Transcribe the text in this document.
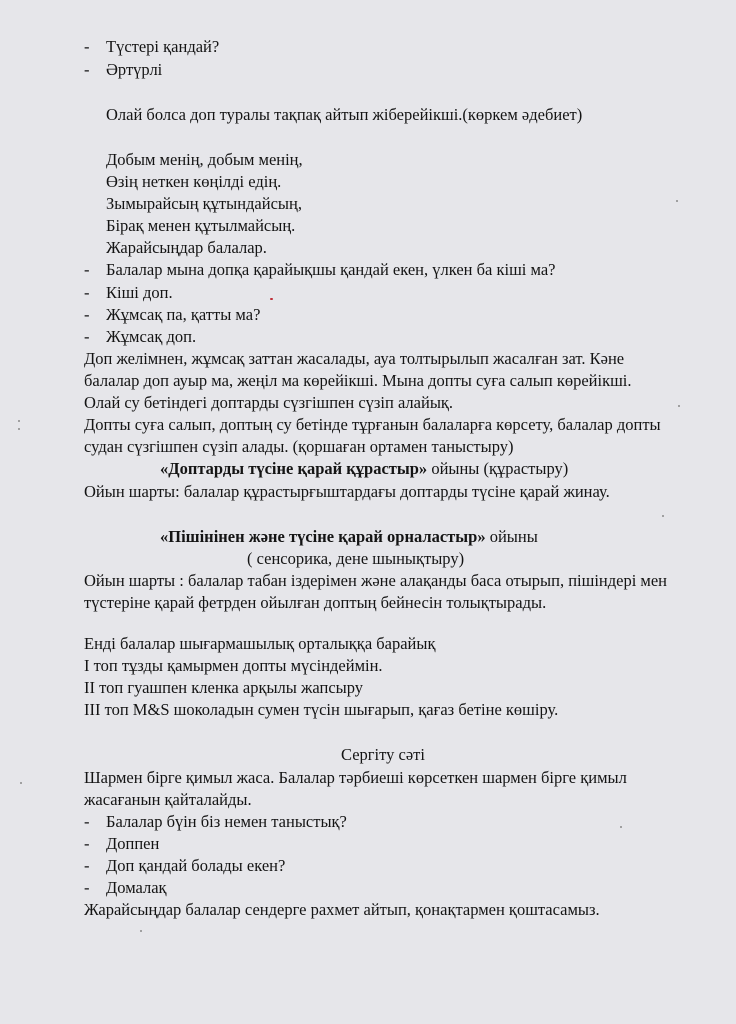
- Түстері қандай?
- Әртүрлі
Олай болса доп туралы тақпақ айтып жіберейікші.(көркем әдебиет)
Добым менің, добым менің,
Өзің неткен көңілді едің.
Зымырайсың құтындайсың,
Бірақ менен құтылмайсың.
Жарайсыңдар балалар.
- Балалар мына допқа қарайықшы қандай екен, үлкен ба кіші ма?
- Кіші доп.
- Жұмсақ па, қатты ма?
- Жұмсақ доп.
Доп желімнен, жұмсақ заттан жасалады, ауа толтырылып жасалған зат. Кәне
балалар доп ауыр ма, жеңіл ма көрейікші. Мына допты суға салып көрейікші.
Олай су бетіндегі доптарды сүзгішпен сүзіп алайық.
Допты суға салып, доптың су бетінде тұрғанын балаларға көрсету, балалар допты
судан сүзгішпен сүзіп алады. (қоршаған ортамен таныстыру)
«Доптарды түсіне қарай құрастыр» ойыны (құрастыру)
Ойын шарты: балалар құрастырғыштардағы доптарды түсіне қарай жинау.
«Пішінінен және түсіне қарай орналастыр» ойыны
( сенсорика, дене шынықтыру)
Ойын шарты : балалар табан іздерімен және алақанды баса отырып, пішіндері мен
түстеріне қарай фетрден ойылған доптың бейнесін толықтырады.
Енді балалар шығармашылық орталыққа барайық
І топ тұзды қамырмен допты мүсіндеймін.
ІІ топ гуашпен кленка арқылы жапсыру
ІІІ топ M&S шоколадын сумен түсін шығарып, қағаз бетіне көшіру.
Сергіту сәті
Шармен бірге қимыл жаса. Балалар тәрбиеші көрсеткен шармен бірге қимыл
жасағанын қайталайды.
- Балалар бүін біз немен таныстық?
- Доппен
- Доп қандай болады екен?
- Домалақ
Жарайсыңдар балалар сендерге рахмет айтып, қонақтармен қоштасамыз.
